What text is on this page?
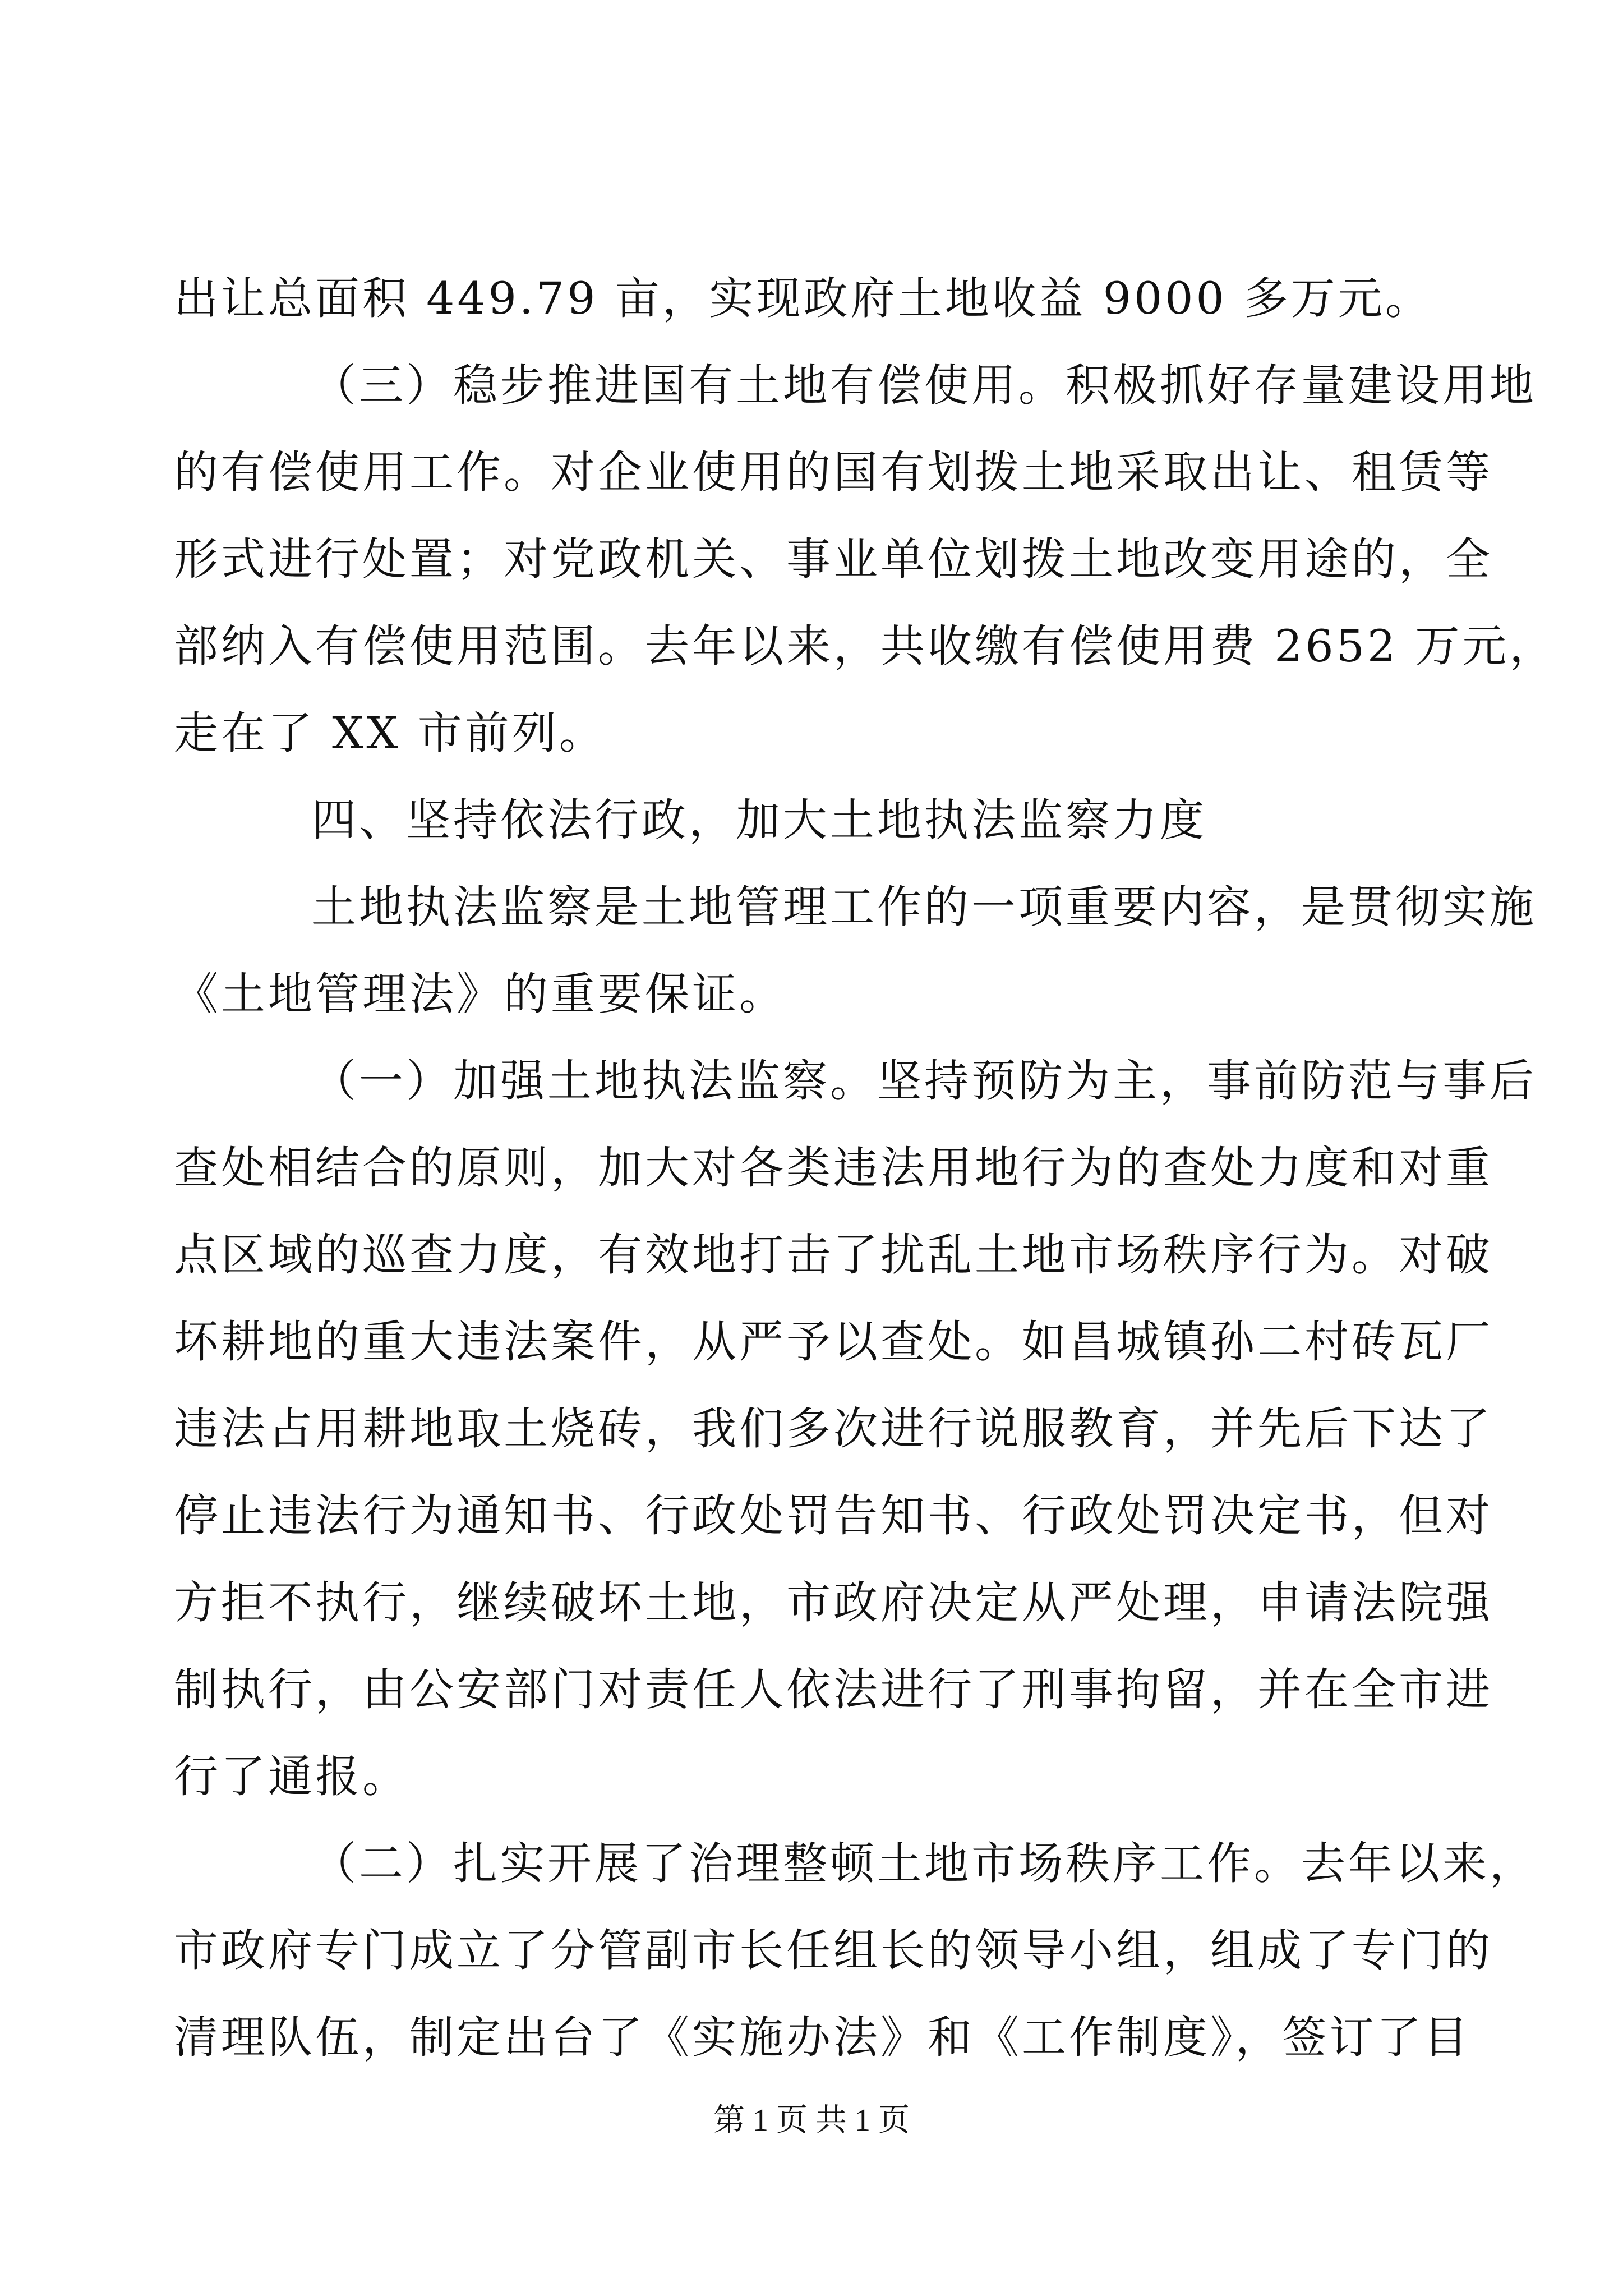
出让总面积 449.79 亩，实现政府土地收益 9000 多万元。
（三）稳步推进国有土地有偿使用。积极抓好存量建设用地
的有偿使用工作。对企业使用的国有划拨土地采取出让、租赁等
形式进行处置；对党政机关、事业单位划拨土地改变用途的，全
部纳入有偿使用范围。去年以来，共收缴有偿使用费 2652 万元，
走在了 XX 市前列。
四、坚持依法行政，加大土地执法监察力度
土地执法监察是土地管理工作的一项重要内容，是贯彻实施
《土地管理法》的重要保证。
（一）加强土地执法监察。坚持预防为主，事前防范与事后
查处相结合的原则，加大对各类违法用地行为的查处力度和对重
点区域的巡查力度，有效地打击了扰乱土地市场秩序行为。对破
坏耕地的重大违法案件，从严予以查处。如昌城镇孙二村砖瓦厂
违法占用耕地取土烧砖，我们多次进行说服教育，并先后下达了
停止违法行为通知书、行政处罚告知书、行政处罚决定书，但对
方拒不执行，继续破坏土地，市政府决定从严处理，申请法院强
制执行，由公安部门对责任人依法进行了刑事拘留，并在全市进
行了通报。
（二）扎实开展了治理整顿土地市场秩序工作。去年以来，
市政府专门成立了分管副市长任组长的领导小组，组成了专门的
清理队伍，制定出台了《实施办法》和《工作制度》，签订了目
第 1 页 共 1 页
